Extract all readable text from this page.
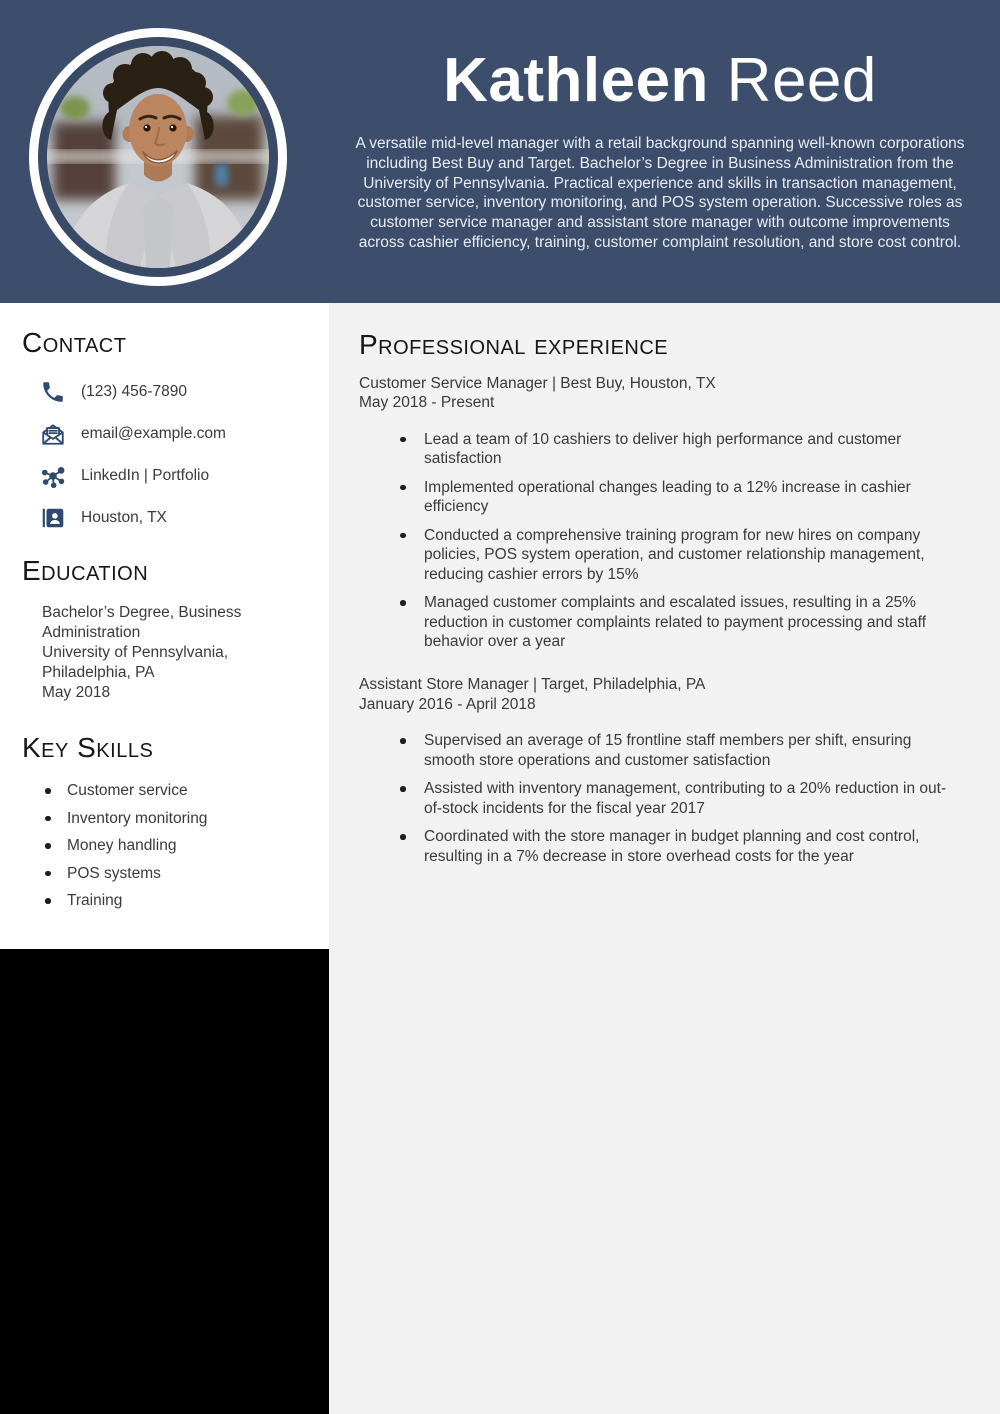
Kathleen Reed

A versatile mid-level manager with a retail background spanning well-known corporations including Best Buy and Target. Bachelor’s Degree in Business Administration from the University of Pennsylvania. Practical experience and skills in transaction management, customer service, inventory monitoring, and POS system operation. Successive roles as customer service manager and assistant store manager with outcome improvements across cashier efficiency, training, customer complaint resolution, and store cost control.

Contact
(123) 456-7890
email@example.com
LinkedIn | Portfolio
Houston, TX
Education
Bachelor’s Degree, Business Administration
University of Pennsylvania, Philadelphia, PA
May 2018
Key Skills
Customer service
Inventory monitoring
Money handling
POS systems
Training
Professional experience
Customer Service Manager | Best Buy, Houston, TX
May 2018 - Present
Lead a team of 10 cashiers to deliver high performance and customer satisfaction
Implemented operational changes leading to a 12% increase in cashier efficiency
Conducted a comprehensive training program for new hires on company policies, POS system operation, and customer relationship management, reducing cashier errors by 15%
Managed customer complaints and escalated issues, resulting in a 25% reduction in customer complaints related to payment processing and staff behavior over a year
Assistant Store Manager | Target, Philadelphia, PA
January 2016 - April 2018
Supervised an average of 15 frontline staff members per shift, ensuring smooth store operations and customer satisfaction
Assisted with inventory management, contributing to a 20% reduction in out-of-stock incidents for the fiscal year 2017
Coordinated with the store manager in budget planning and cost control, resulting in a 7% decrease in store overhead costs for the year
